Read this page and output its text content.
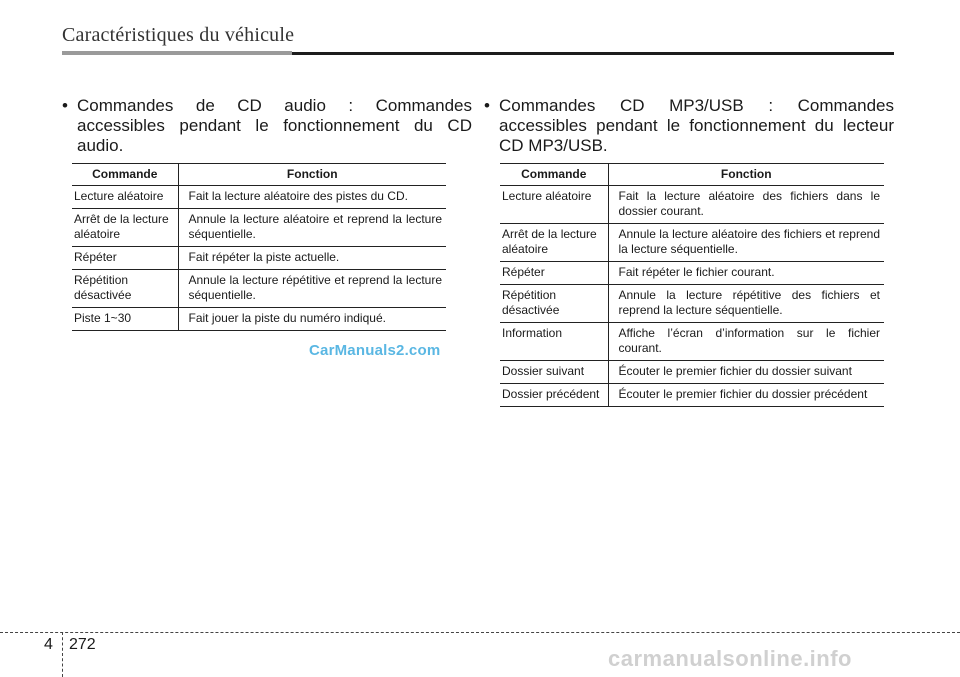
Caractéristiques du véhicule
• Commandes de CD audio : Commandes accessibles pendant le fonctionnement du CD audio.
Commande	Fonction
Lecture aléatoire	Fait la lecture aléatoire des pistes du CD.
Arrêt de la lecture aléatoire	Annule la lecture aléatoire et reprend la lecture séquentielle.
Répéter	Fait répéter la piste actuelle.
Répétition désactivée	Annule la lecture répétitive et reprend la lecture séquentielle.
Piste 1~30	Fait jouer la piste du numéro indiqué.
• Commandes CD MP3/USB : Commandes accessibles pendant le fonctionnement du lecteur CD MP3/USB.
Commande	Fonction
Lecture aléatoire	Fait la lecture aléatoire des fichiers dans le dossier courant.
Arrêt de la lecture aléatoire	Annule la lecture aléatoire des fichiers et reprend la lecture séquentielle.
Répéter	Fait répéter le fichier courant.
Répétition désactivée	Annule la lecture répétitive des fichiers et reprend la lecture séquentielle.
Information	Affiche l’écran d’information sur le fichier courant.
Dossier suivant	Écouter le premier fichier du dossier suivant
Dossier précédent	Écouter le premier fichier du dossier précédent
CarManuals2.com
4 272
carmanualsonline.info
